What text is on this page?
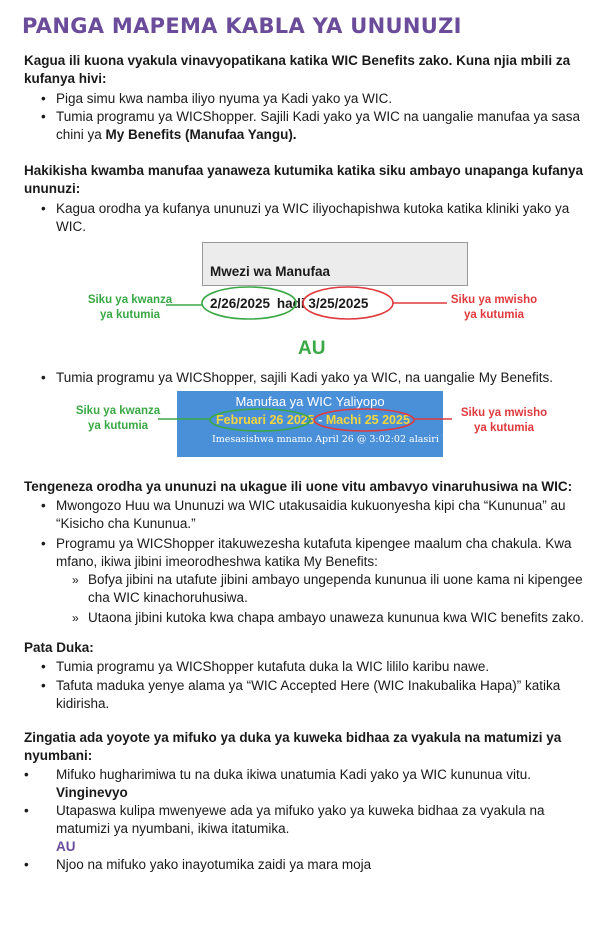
PANGA MAPEMA KABLA YA UNUNUZI

Kagua ili kuona vyakula vinavyopatikana katika WIC Benefits zako. Kuna njia mbili za kufanya hivi:

• Piga simu kwa namba iliyo nyuma ya Kadi yako ya WIC.
• Tumia programu ya WICShopper. Sajili Kadi yako ya WIC na uangalie manufaa ya sasa chini ya My Benefits (Manufaa Yangu).

Hakikisha kwamba manufaa yanaweza kutumika katika siku ambayo unapanga kufanya ununuzi:

• Kagua orodha ya kufanya ununuzi ya WIC iliyochapishwa kutoka katika kliniki yako ya WIC.
Mwezi wa Manufaa
2/26/2025 hadi 3/25/2025
Siku ya kwanza
ya kutumia
Siku ya mwisho
ya kutumia
AU
• Tumia programu ya WICShopper, sajili Kadi yako ya WIC, na uangalie My Benefits.
Manufaa ya WIC Yaliyopo
Februari 26 2025 - Machi 25 2025
Imesasishwa mnamo April 26 @ 3:02:02 alasiri ↻
Siku ya kwanza
ya kutumia
Siku ya mwisho
ya kutumia

Tengeneza orodha ya ununuzi na ukague ili uone vitu ambavyo vinaruhusiwa na WIC:

• Mwongozo Huu wa Ununuzi wa WIC utakusaidia kukuonyesha kipi cha “Kununua” au “Kisicho cha Kununua.”
• Programu ya WICShopper itakuwezesha kutafuta kipengee maalum cha chakula. Kwa mfano, ikiwa jibini imeorodheshwa katika My Benefits:
» Bofya jibini na utafute jibini ambayo ungependa kununua ili uone kama ni kipengee cha WIC kinachoruhusiwa.
» Utaona jibini kutoka kwa chapa ambayo unaweza kununua kwa WIC benefits zako.

Pata Duka:

• Tumia programu ya WICShopper kutafuta duka la WIC lililo karibu nawe.
• Tafuta maduka yenye alama ya “WIC Accepted Here (WIC Inakubalika Hapa)” katika kidirisha.

Zingatia ada yoyote ya mifuko ya duka ya kuweka bidhaa za vyakula na matumizi ya nyumbani:

• Mifuko hugharimiwa tu na duka ikiwa unatumia Kadi yako ya WIC kununua vitu.
Vinginevyo
• Utapaswa kulipa mwenyewe ada ya mifuko yako ya kuweka bidhaa za vyakula na matumizi ya nyumbani, ikiwa itatumika.
AU
• Njoo na mifuko yako inayotumika zaidi ya mara moja
